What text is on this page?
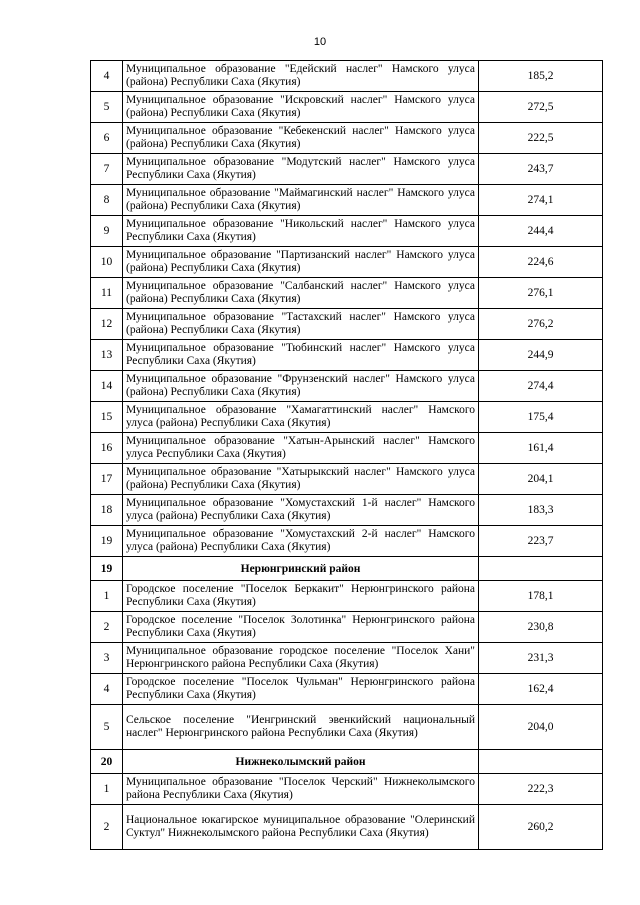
10
4	Муниципальное образование "Едейский наслег" Намского улуса (района) Республики Саха (Якутия)	185,2
5	Муниципальное образование "Искровский наслег" Намского улуса (района) Республики Саха (Якутия)	272,5
6	Муниципальное образование "Кебекенский наслег" Намского улуса (района) Республики Саха (Якутия)	222,5
7	Муниципальное образование "Модутский наслег" Намского улуса Республики Саха (Якутия)	243,7
8	Муниципальное образование "Маймагинский наслег" Намского улуса (района) Республики Саха (Якутия)	274,1
9	Муниципальное образование "Никольский наслег" Намского улуса Республики Саха (Якутия)	244,4
10	Муниципальное образование "Партизанский наслег" Намского улуса (района) Республики Саха (Якутия)	224,6
11	Муниципальное образование "Салбанский наслег" Намского улуса (района) Республики Саха (Якутия)	276,1
12	Муниципальное образование "Тастахский наслег" Намского улуса (района) Республики Саха (Якутия)	276,2
13	Муниципальное образование "Тюбинский наслег" Намского улуса Республики Саха (Якутия)	244,9
14	Муниципальное образование "Фрунзенский наслег" Намского улуса (района) Республики Саха (Якутия)	274,4
15	Муниципальное образование "Хамагаттинский наслег" Намского улуса (района) Республики Саха (Якутия)	175,4
16	Муниципальное образование "Хатын-Арынский наслег" Намского улуса Республики Саха (Якутия)	161,4
17	Муниципальное образование "Хатырыкский наслег" Намского улуса (района) Республики Саха (Якутия)	204,1
18	Муниципальное образование "Хомустахский 1-й наслег" Намского улуса (района) Республики Саха (Якутия)	183,3
19	Муниципальное образование "Хомустахский 2-й наслег" Намского улуса (района) Республики Саха (Якутия)	223,7
19	Нерюнгринский район	
1	Городское поселение "Поселок Беркакит" Нерюнгринского района Республики Саха (Якутия)	178,1
2	Городское поселение "Поселок Золотинка" Нерюнгринского района Республики Саха (Якутия)	230,8
3	Муниципальное образование городское поселение "Поселок Хани" Нерюнгринского района Республики Саха (Якутия)	231,3
4	Городское поселение "Поселок Чульман" Нерюнгринского района Республики Саха (Якутия)	162,4
5	Сельское поселение "Иенгринский эвенкийский национальный наслег" Нерюнгринского района Республики Саха (Якутия)	204,0
20	Нижнеколымский район	
1	Муниципальное образование "Поселок Черский" Нижнеколымского района Республики Саха (Якутия)	222,3
2	Национальное юкагирское муниципальное образование "Олеринский Суктул" Нижнеколымского района Республики Саха (Якутия)	260,2
